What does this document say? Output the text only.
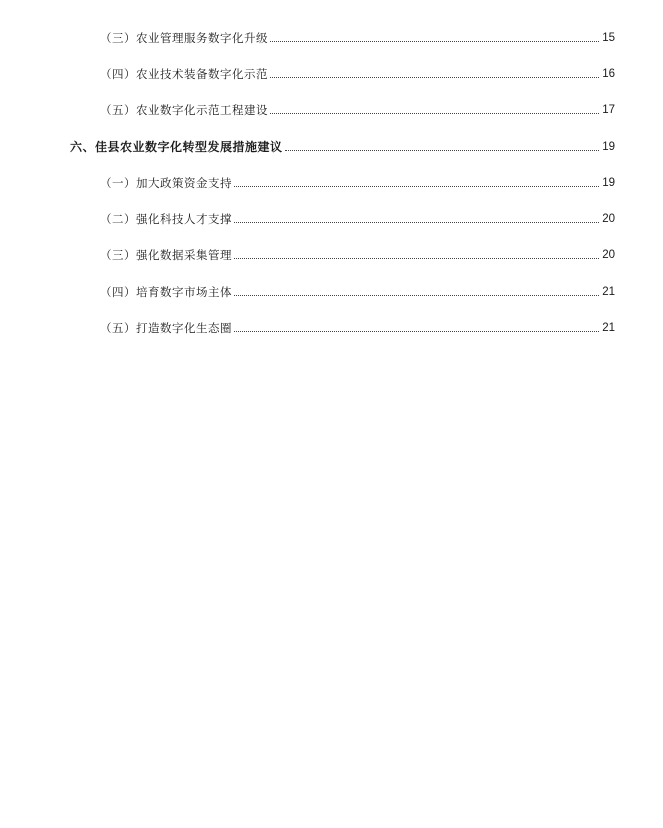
（三）农业管理服务数字化升级	15
（四）农业技术装备数字化示范	16
（五）农业数字化示范工程建设	17
六、佳县农业数字化转型发展措施建议	19
（一）加大政策资金支持	19
（二）强化科技人才支撑	20
（三）强化数据采集管理	20
（四）培育数字市场主体	21
（五）打造数字化生态圈	21
